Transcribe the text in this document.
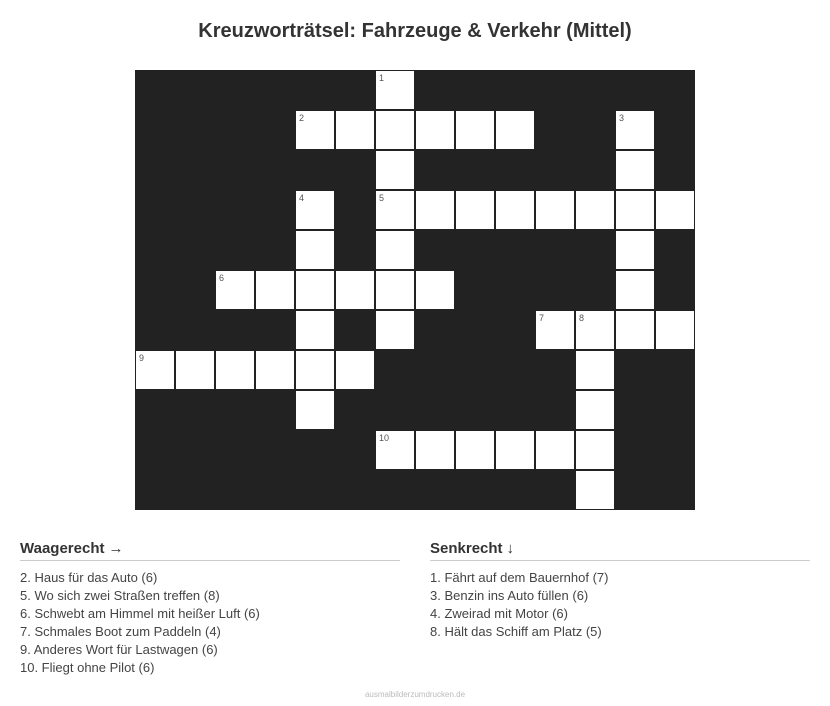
Kreuzworträtsel: Fahrzeuge & Verkehr (Mittel)
1
2	3
4	5
6
7	8
9
10
Waagerecht →
2. Haus für das Auto (6)
5. Wo sich zwei Straßen treffen (8)
6. Schwebt am Himmel mit heißer Luft (6)
7. Schmales Boot zum Paddeln (4)
9. Anderes Wort für Lastwagen (6)
10. Fliegt ohne Pilot (6)
Senkrecht ↓
1. Fährt auf dem Bauernhof (7)
3. Benzin ins Auto füllen (6)
4. Zweirad mit Motor (6)
8. Hält das Schiff am Platz (5)
ausmalbilderzumdrucken.de
